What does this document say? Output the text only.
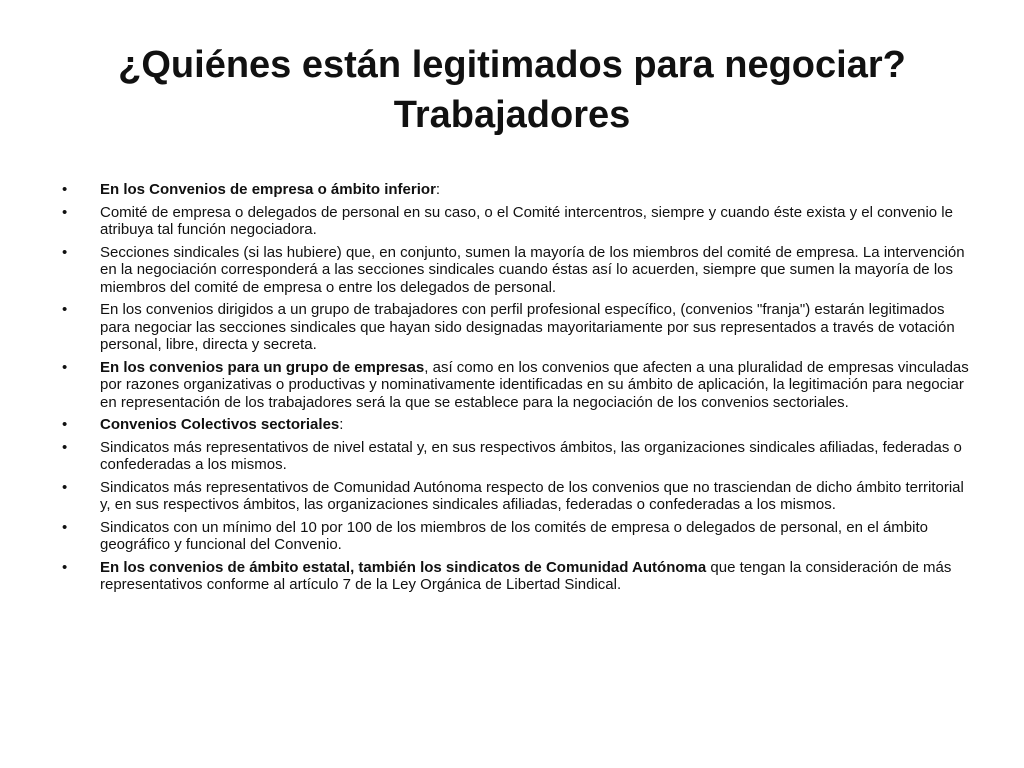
¿Quiénes están legitimados para negociar?
Trabajadores
• En los Convenios de empresa o ámbito inferior:
• Comité de empresa o delegados de personal en su caso, o el Comité intercentros, siempre y cuando éste exista y el convenio le atribuya tal función negociadora.
• Secciones sindicales (si las hubiere) que, en conjunto, sumen la mayoría de los miembros del comité de empresa. La intervención en la negociación corresponderá a las secciones sindicales cuando éstas así lo acuerden, siempre que sumen la mayoría de los miembros del comité de empresa o entre los delegados de personal.
• En los convenios dirigidos a un grupo de trabajadores con perfil profesional específico, (convenios "franja") estarán legitimados para negociar las secciones sindicales que hayan sido designadas mayoritariamente por sus representados a través de votación personal, libre, directa y secreta.
• En los convenios para un grupo de empresas, así como en los convenios que afecten a una pluralidad de empresas vinculadas por razones organizativas o productivas y nominativamente identificadas en su ámbito de aplicación, la legitimación para negociar en representación de los trabajadores será la que se establece para la negociación de los convenios sectoriales.
• Convenios Colectivos sectoriales:
• Sindicatos más representativos de nivel estatal y, en sus respectivos ámbitos, las organizaciones sindicales afiliadas, federadas o confederadas a los mismos.
• Sindicatos más representativos de Comunidad Autónoma respecto de los convenios que no trasciendan de dicho ámbito territorial y, en sus respectivos ámbitos, las organizaciones sindicales afiliadas, federadas o confederadas a los mismos.
• Sindicatos con un mínimo del 10 por 100 de los miembros de los comités de empresa o delegados de personal, en el ámbito geográfico y funcional del Convenio.
• En los convenios de ámbito estatal, también los sindicatos de Comunidad Autónoma que tengan la consideración de más representativos conforme al artículo 7 de la Ley Orgánica de Libertad Sindical.
